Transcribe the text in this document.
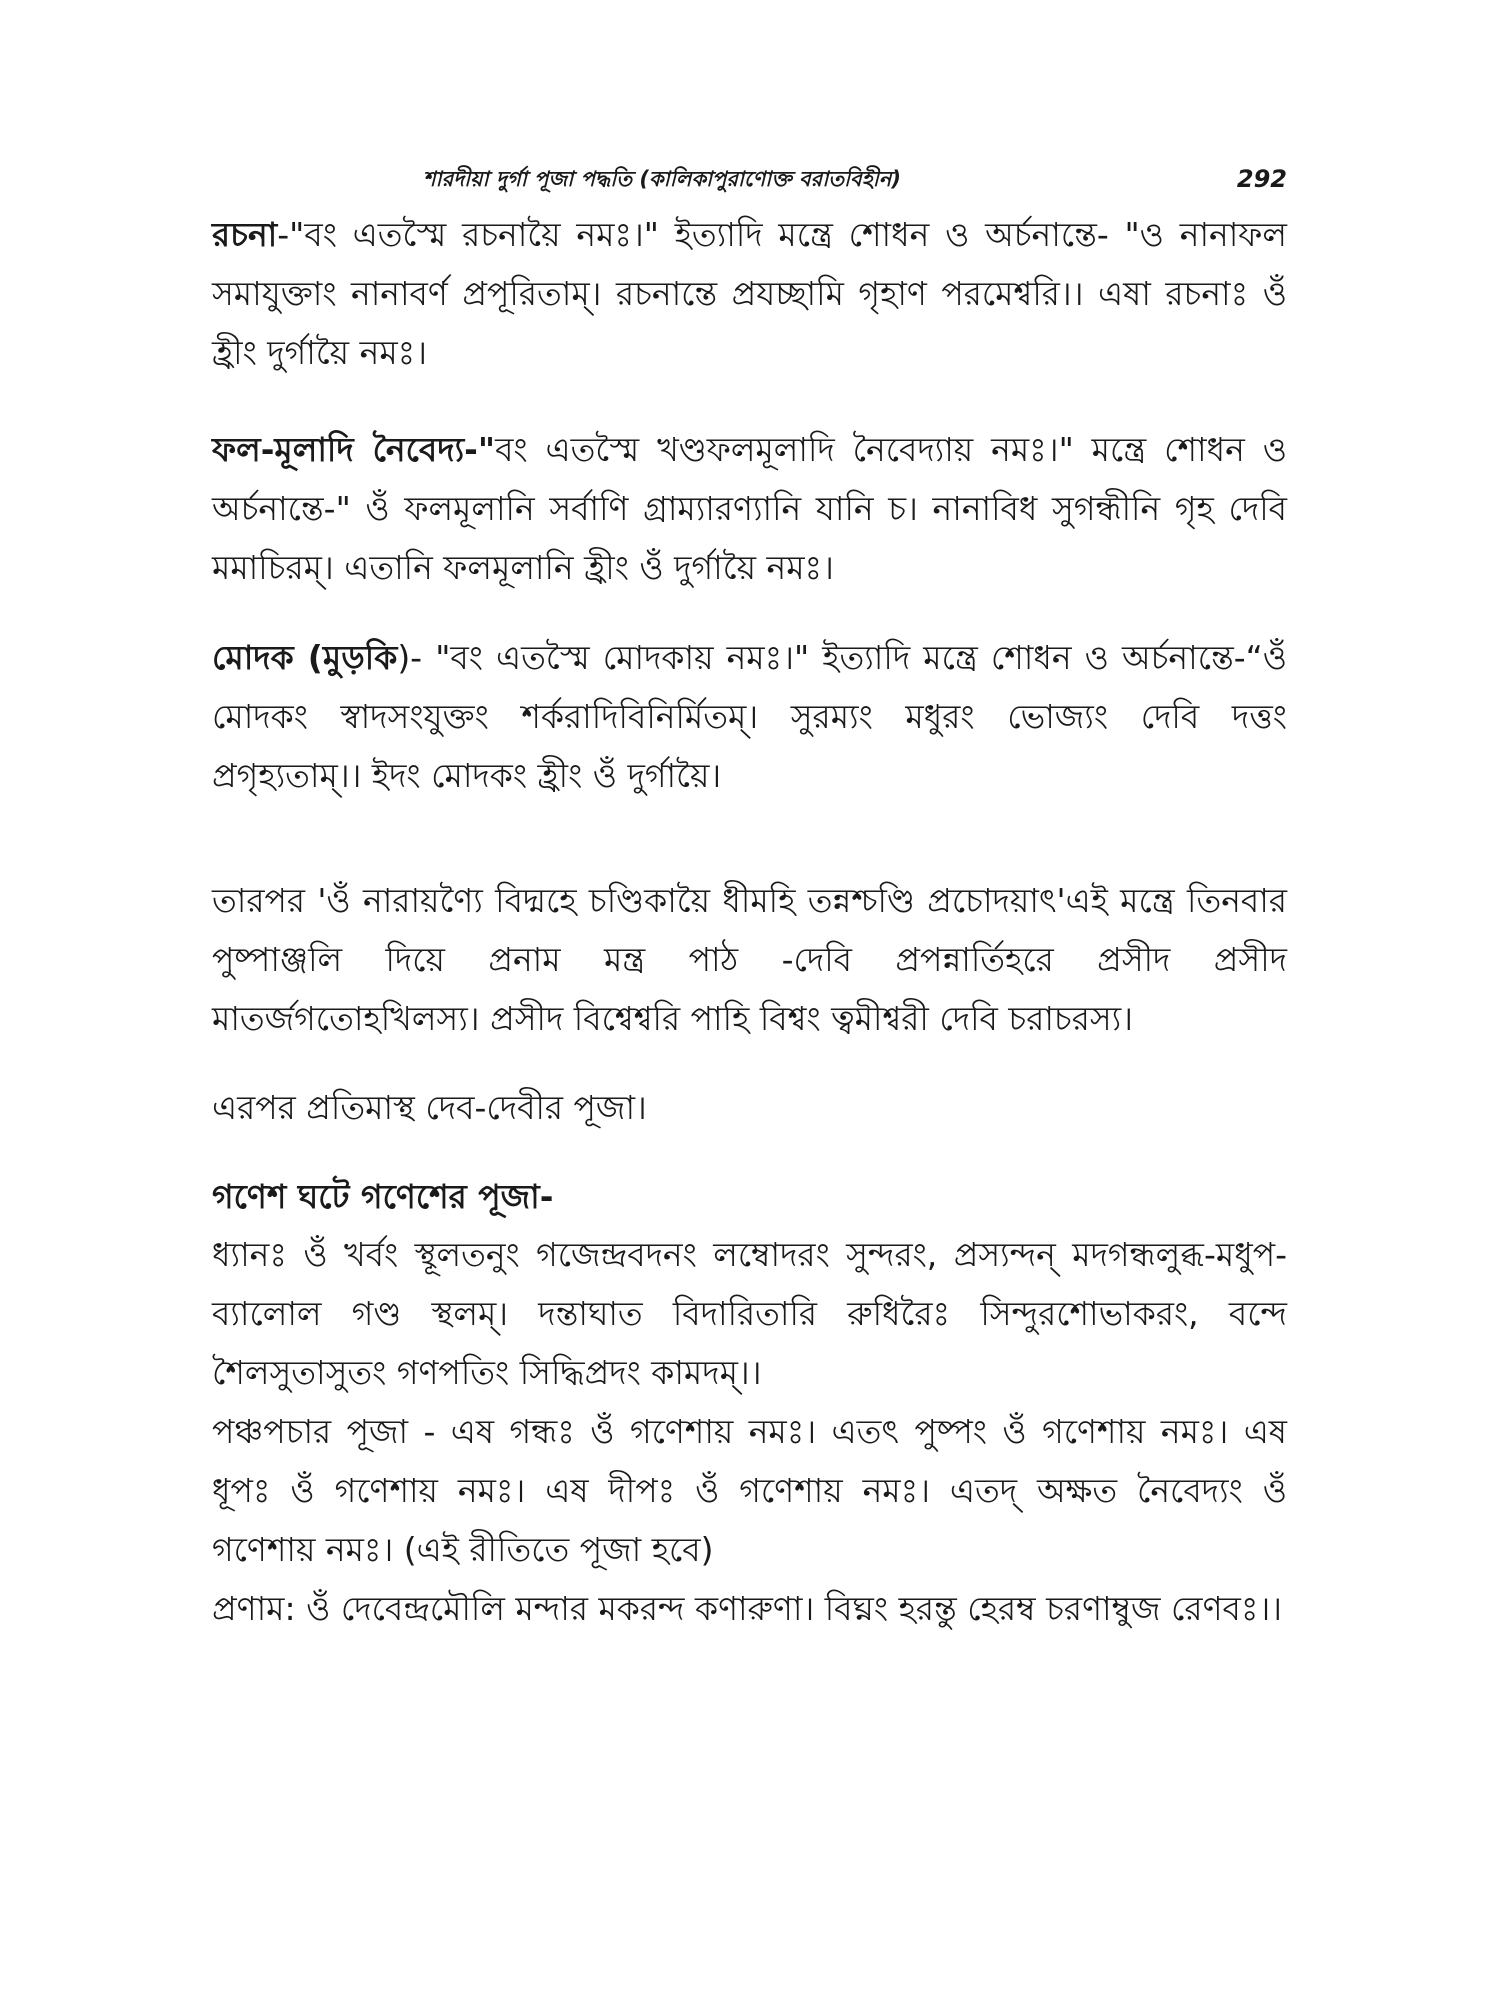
শারদীয়া দুর্গা পূজা পদ্ধতি (কালিকাপুরাণোক্ত বরাতবিহীন)	292

রচনা-"বং এতস্মৈ রচনায়ৈ নমঃ।" ইত্যাদি মন্ত্রে শোধন ও অর্চনান্তে- "ও নানাফল সমাযুক্তাং নানাবর্ণ প্রপূরিতাম্। রচনান্তে প্রযচ্ছামি গৃহাণ পরমেশ্বরি।। এষা রচনাঃ ওঁ হ্রীং দুর্গায়ৈ নমঃ।

ফল-মূলাদি নৈবেদ্য-"বং এতস্মৈ খণ্ডফলমূলাদি নৈবেদ্যায় নমঃ।" মন্ত্রে শোধন ও অর্চনান্তে-" ওঁ ফলমূলানি সর্বাণি গ্রাম্যারণ্যানি যানি চ। নানাবিধ সুগন্ধীনি গৃহ দেবি মমাচিরম্। এতানি ফলমূলানি হ্রীং ওঁ দুর্গায়ৈ নমঃ।

মোদক (মুড়কি)- "বং এতস্মৈ মোদকায় নমঃ।" ইত্যাদি মন্ত্রে শোধন ও অর্চনান্তে-“ওঁ মোদকং স্বাদসংযুক্তং শর্করাদিবিনির্মিতম্। সুরম্যং মধুরং ভোজ্যং দেবি দত্তং প্রগৃহ্যতাম্।। ইদং মোদকং হ্রীং ওঁ দুর্গায়ৈ।

তারপর 'ওঁ নারায়ণ্যৈ বিদ্মহে চণ্ডিকায়ৈ ধীমহি তন্নশ্চণ্ডি প্রচোদয়াৎ'এই মন্ত্রে তিনবার পুষ্পাঞ্জলি দিয়ে প্রনাম মন্ত্র পাঠ -দেবি প্রপন্নার্তিহরে প্রসীদ প্রসীদ মাতর্জগতোহখিলস্য। প্রসীদ বিশ্বেশ্বরি পাহি বিশ্বং ত্বমীশ্বরী দেবি চরাচরস্য।

এরপর প্রতিমাস্থ দেব-দেবীর পূজা।

গণেশ ঘটে গণেশের পূজা-

ধ্যানঃ ওঁ খর্বং স্থূলতনুং গজেন্দ্রবদনং লম্বোদরং সুন্দরং, প্রস্যন্দন্ মদগন্ধলুব্ধ-মধুপ-ব্যালোল গণ্ড স্থলম্। দন্তাঘাত বিদারিতারি রুধিরৈঃ সিন্দুরশোভাকরং, বন্দে শৈলসুতাসুতং গণপতিং সিদ্ধিপ্রদং কামদম্।।

পঞ্চপচার পূজা - এষ গন্ধঃ ওঁ গণেশায় নমঃ। এতৎ পুষ্পং ওঁ গণেশায় নমঃ। এষ ধূপঃ ওঁ গণেশায় নমঃ। এষ দীপঃ ওঁ গণেশায় নমঃ। এতদ্ অক্ষত নৈবেদ্যং ওঁ গণেশায় নমঃ। (এই রীতিতে পূজা হবে)

প্রণাম: ওঁ দেবেন্দ্রমৌলি মন্দার মকরন্দ কণারুণা। বিঘ্নং হরন্তু হেরম্ব চরণাম্বুজ রেণবঃ।।
